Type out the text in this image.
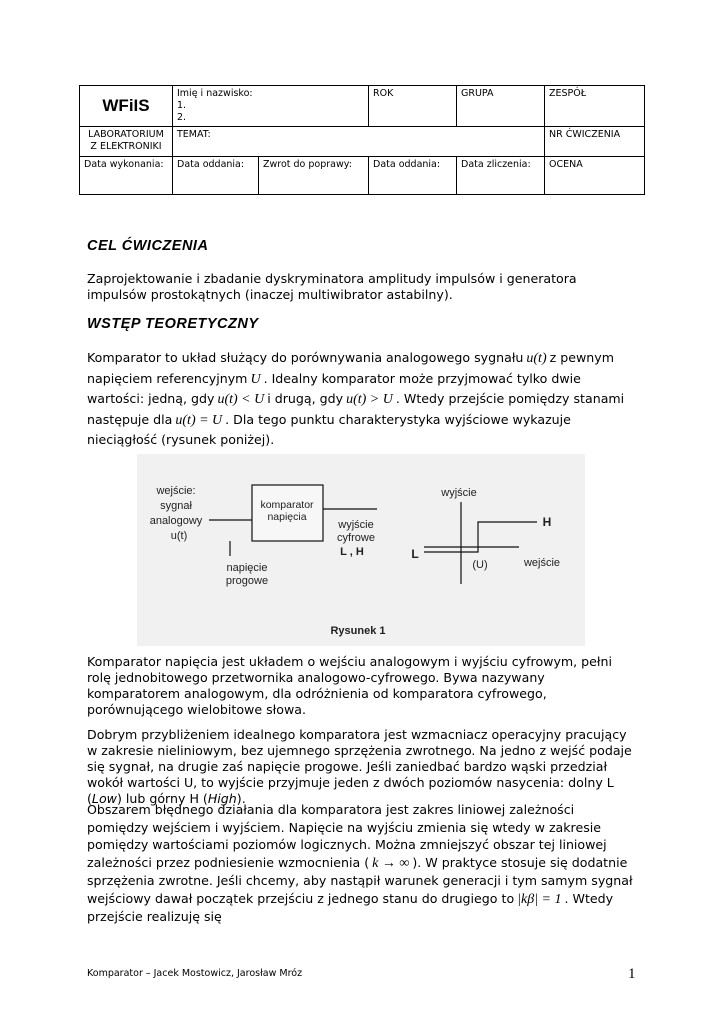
WFiIS	Imię i nazwisko:
1.
2.		ROK	GRUPA	ZESPÓŁ
LABORATORIUM Z ELEKTRONIKI	TEMAT:				NR ĆWICZENIA
Data wykonania:	Data oddania:	Zwrot do poprawy:	Data oddania:	Data zliczenia:	OCENA
CEL ĆWICZENIA

Zaprojektowanie i zbadanie dyskryminatora amplitudy impulsów i generatora impulsów prostokątnych (inaczej multiwibrator astabilny).

WSTĘP TEORETYCZNY

Komparator to układ służący do porównywania analogowego sygnału u(t) z pewnym napięciem referencyjnym U . Idealny komparator może przyjmować tylko dwie wartości: jedną, gdy u(t) < U i drugą, gdy u(t) > U . Wtedy przejście pomiędzy stanami następuje dla u(t) = U . Dla tego punktu charakterystyka wyjściowe wykazuje nieciągłość (rysunek poniżej).

wejście:
sygnał
analogowy
u(t)
komparator
napięcia
wyjście
cyfrowe
L , H
napięcie
progowe
wyjście
wejście
H
L
(U)
Rysunek 1

Komparator napięcia jest układem o wejściu analogowym i wyjściu cyfrowym, pełni rolę jednobitowego przetwornika analogowo-cyfrowego. Bywa nazywany komparatorem analogowym, dla odróżnienia od komparatora cyfrowego, porównującego wielobitowe słowa.

Dobrym przybliżeniem idealnego komparatora jest wzmacniacz operacyjny pracujący w zakresie nieliniowym, bez ujemnego sprzężenia zwrotnego. Na jedno z wejść podaje się sygnał, na drugie zaś napięcie progowe. Jeśli zaniedbać bardzo wąski przedział wokół wartości U, to wyjście przyjmuje jeden z dwóch poziomów nasycenia: dolny L (Low) lub górny H (High).

Obszarem błędnego działania dla komparatora jest zakres liniowej zależności pomiędzy wejściem i wyjściem. Napięcie na wyjściu zmienia się wtedy w zakresie pomiędzy wartościami poziomów logicznych. Można zmniejszyć obszar tej liniowej zależności przez podniesienie wzmocnienia ( k → ∞ ). W praktyce stosuje się dodatnie sprzężenia zwrotne. Jeśli chcemy, aby nastąpił warunek generacji i tym samym sygnał wejściowy dawał początek przejściu z jednego stanu do drugiego to |kβ| = 1 . Wtedy przejście realizuję się

Komparator – Jacek Mostowicz, Jarosław Mróz	1
